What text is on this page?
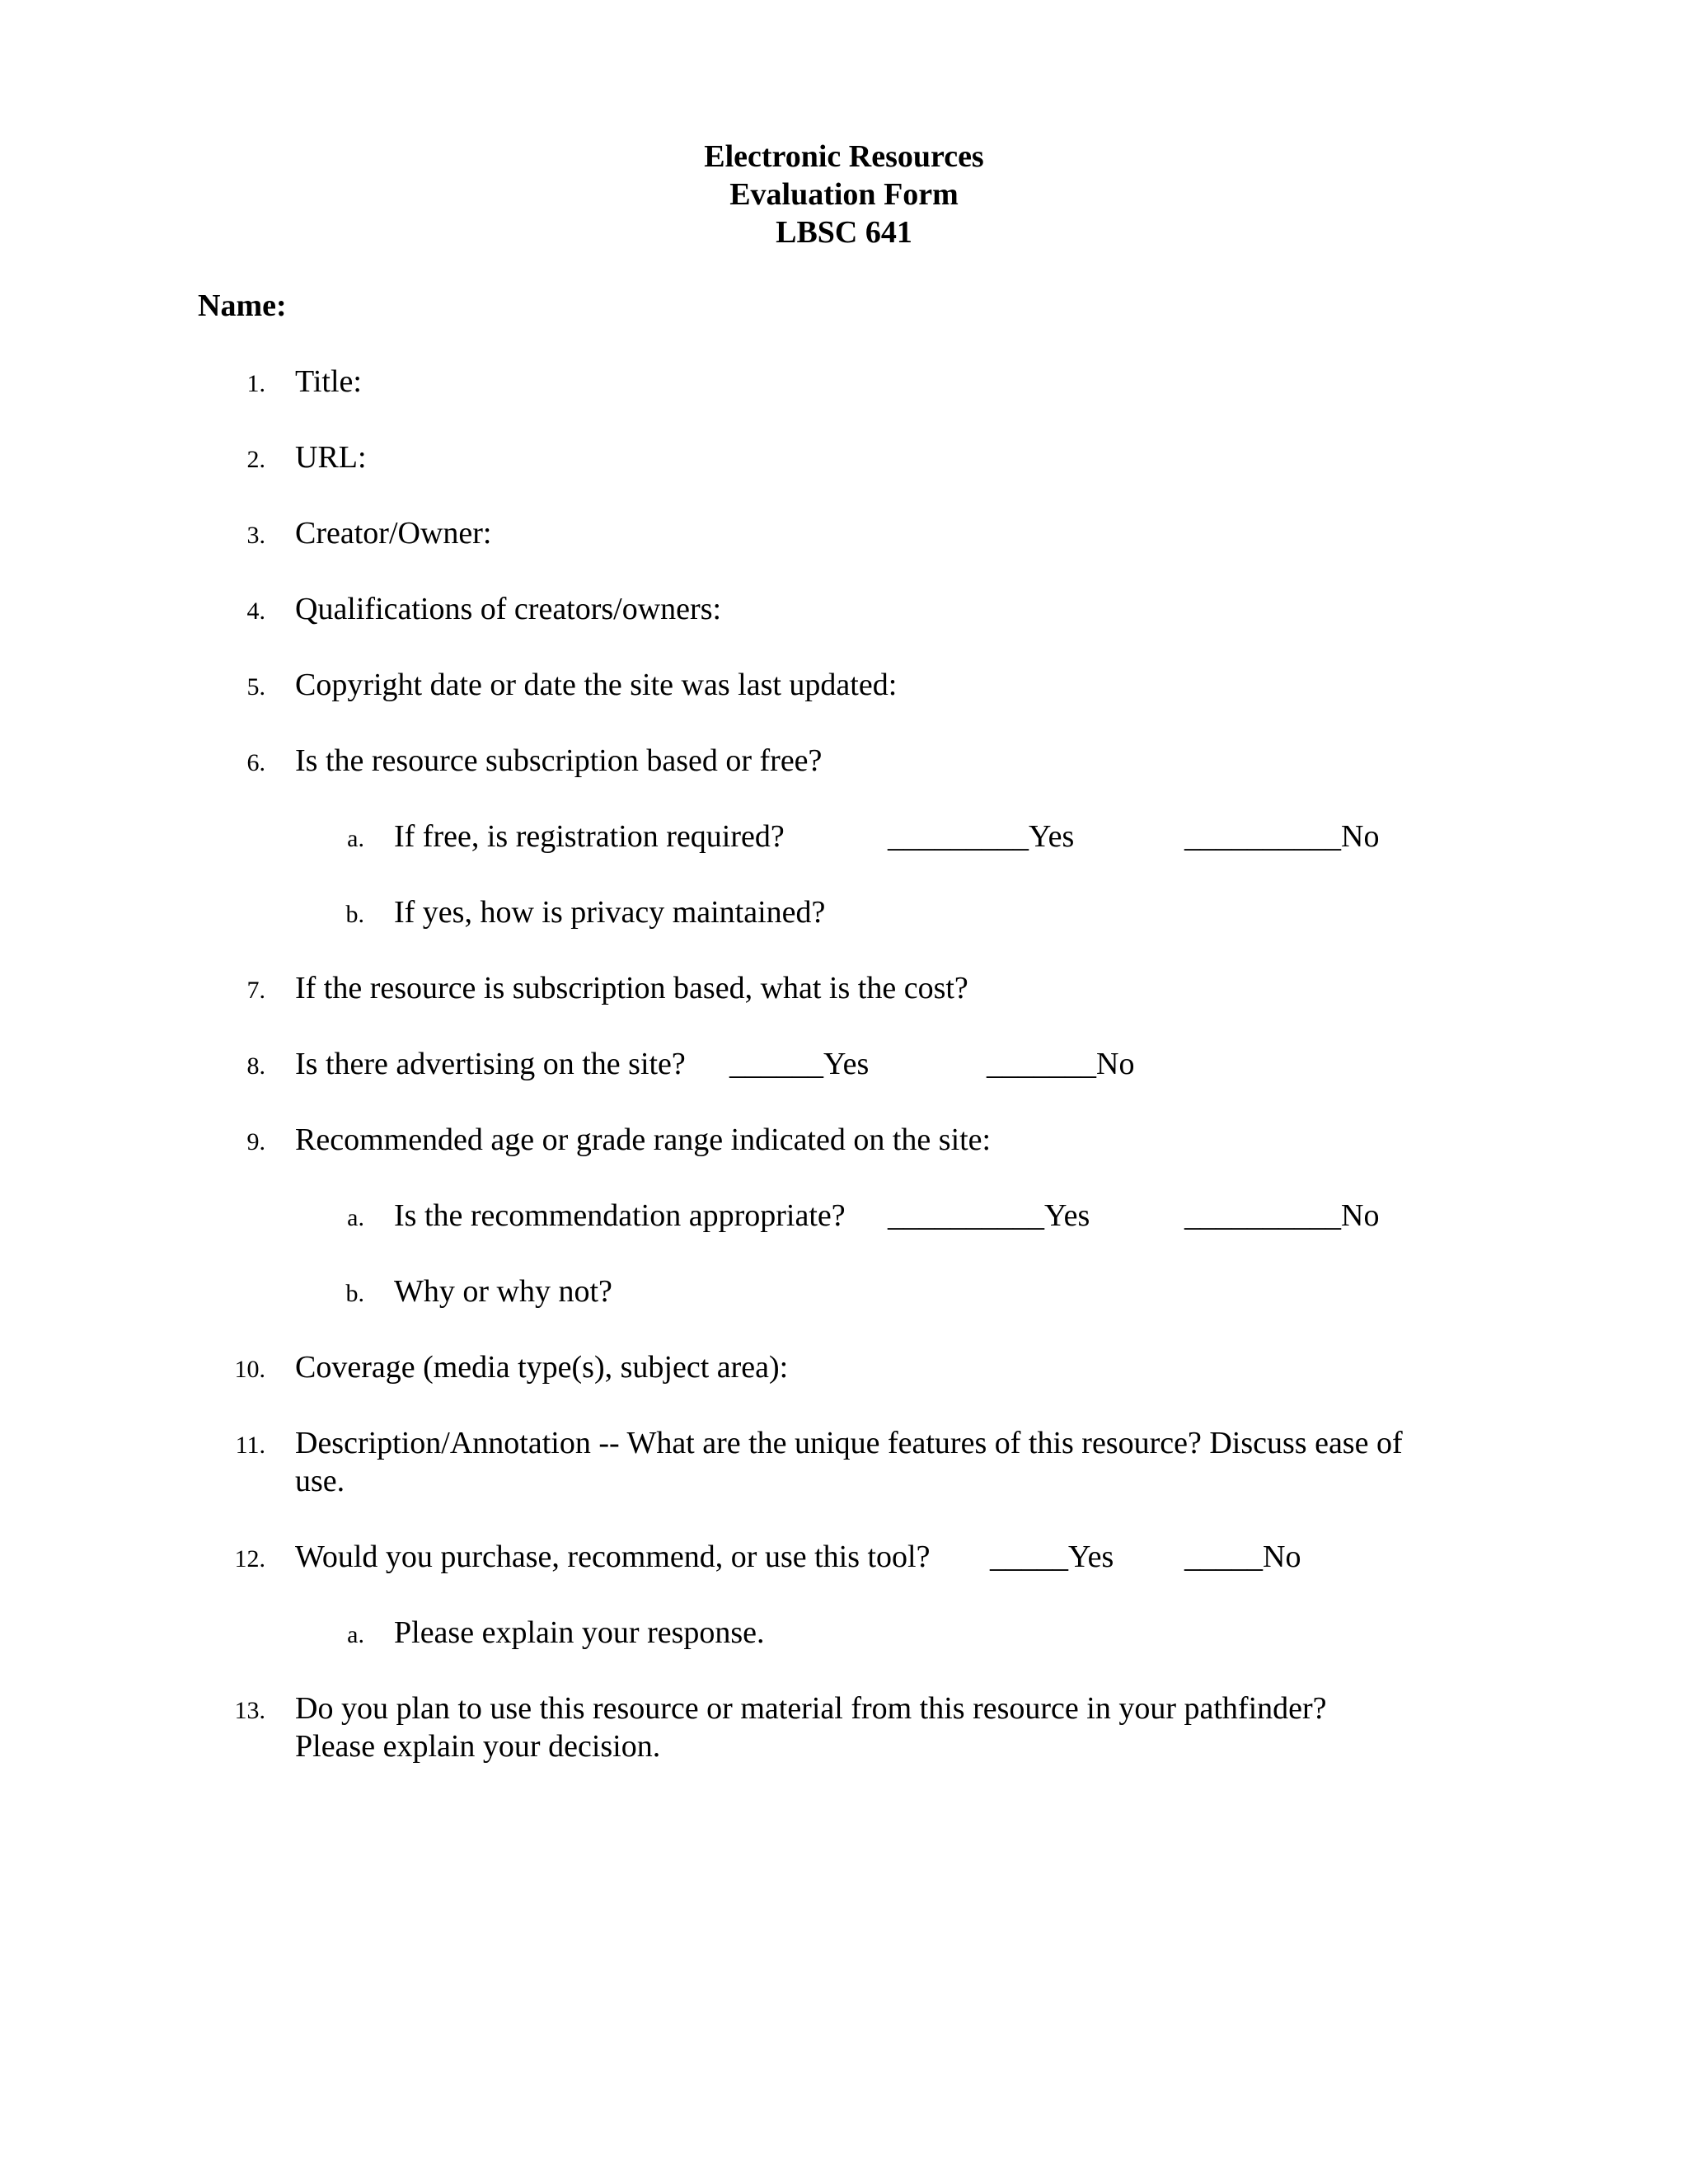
Electronic Resources
Evaluation Form
LBSC 641
Name:
1. Title:
2. URL:
3. Creator/Owner:
4. Qualifications of creators/owners:
5. Copyright date or date the site was last updated:
6. Is the resource subscription based or free?
a. If free, is registration required?	_________Yes	__________No
b. If yes, how is privacy maintained?
7. If the resource is subscription based, what is the cost?
8. Is there advertising on the site? ______Yes	_______No
9. Recommended age or grade range indicated on the site:
a. Is the recommendation appropriate? __________Yes	__________No
b. Why or why not?
10. Coverage (media type(s), subject area):
11. Description/Annotation -- What are the unique features of this resource? Discuss ease of
use.
12. Would you purchase, recommend, or use this tool? _____Yes _____No
a. Please explain your response.
13. Do you plan to use this resource or material from this resource in your pathfinder?
Please explain your decision.
